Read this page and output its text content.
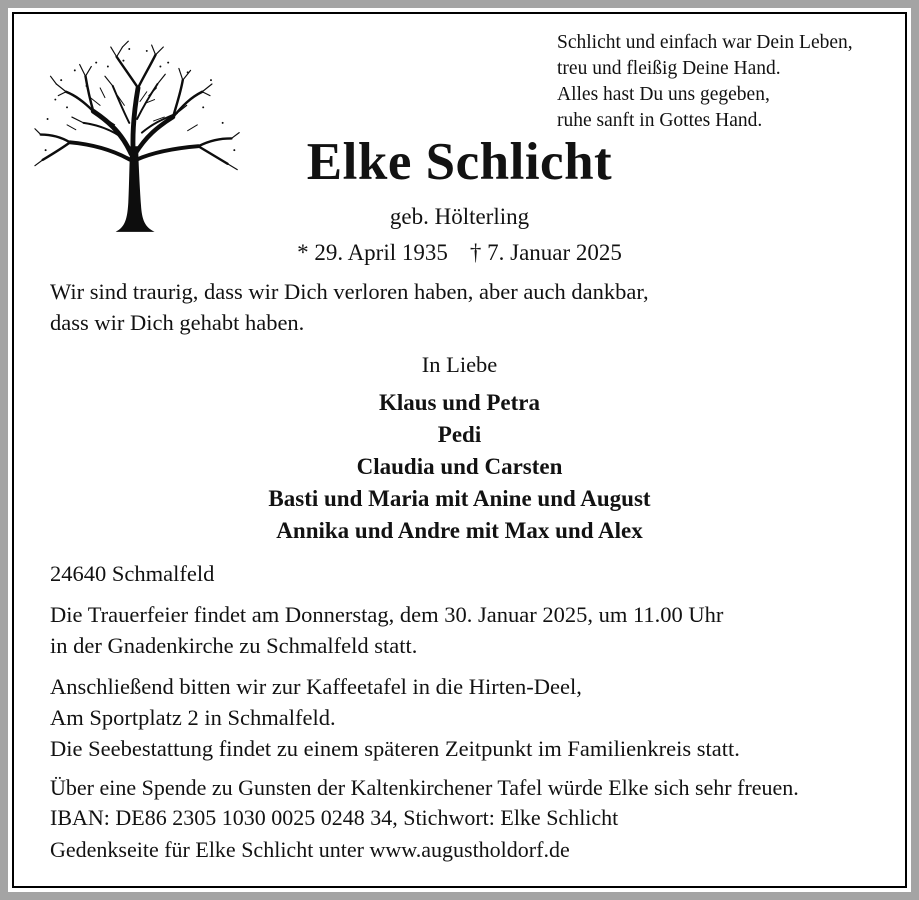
Schlicht und einfach war Dein Leben,
treu und fleißig Deine Hand.
Alles hast Du uns gegeben,
ruhe sanft in Gottes Hand.
Elke Schlicht
geb. Hölterling
* 29. April 1935 † 7. Januar 2025
Wir sind traurig, dass wir Dich verloren haben, aber auch dankbar,
dass wir Dich gehabt haben.
In Liebe
Klaus und Petra
Pedi
Claudia und Carsten
Basti und Maria mit Anine und August
Annika und Andre mit Max und Alex
24640 Schmalfeld
Die Trauerfeier findet am Donnerstag, dem 30. Januar 2025, um 11.00 Uhr
in der Gnadenkirche zu Schmalfeld statt.
Anschließend bitten wir zur Kaffeetafel in die Hirten-Deel,
Am Sportplatz 2 in Schmalfeld.
Die Seebestattung findet zu einem späteren Zeitpunkt im Familienkreis statt.
Über eine Spende zu Gunsten der Kaltenkirchener Tafel würde Elke sich sehr freuen.
IBAN: DE86 2305 1030 0025 0248 34, Stichwort: Elke Schlicht
Gedenkseite für Elke Schlicht unter www.augustholdorf.de
